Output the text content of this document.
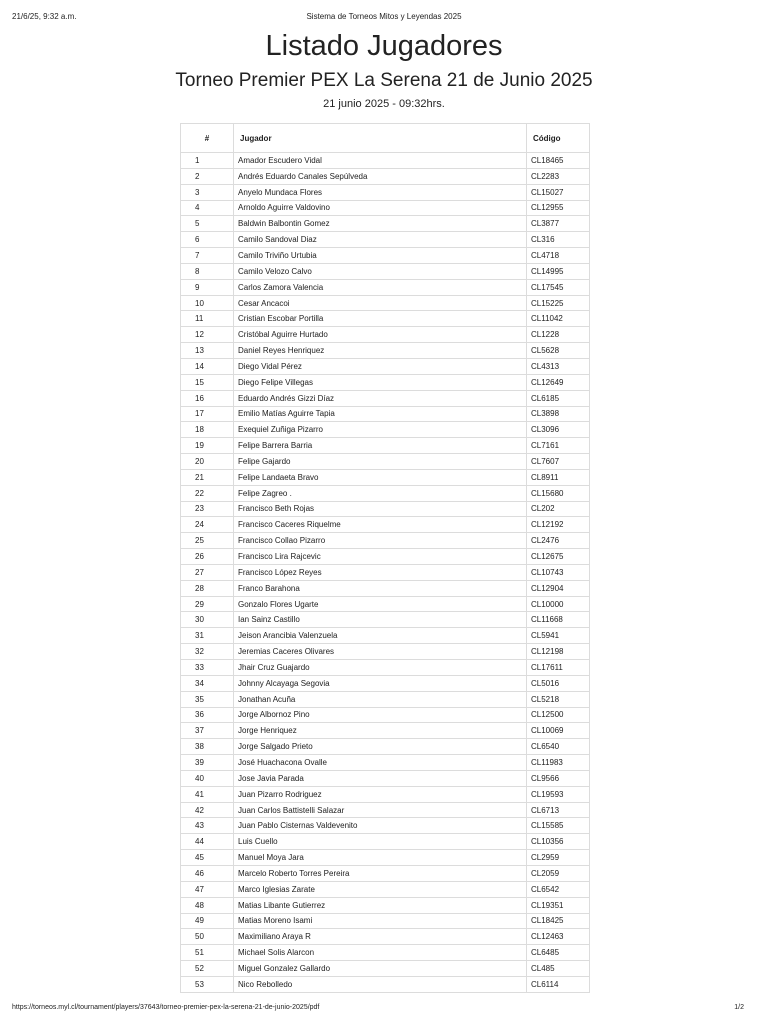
21/6/25, 9:32 a.m.	Sistema de Torneos Mitos y Leyendas 2025
Listado Jugadores
Torneo Premier PEX La Serena 21 de Junio 2025
21 junio 2025 - 09:32hrs.
#	Jugador	Código
1	Amador Escudero Vidal	CL18465
2	Andrés Eduardo Canales Sepúlveda	CL2283
3	Anyelo Mundaca Flores	CL15027
4	Arnoldo Aguirre Valdovino	CL12955
5	Baldwin Balbontin Gomez	CL3877
6	Camilo Sandoval Diaz	CL316
7	Camilo Triviño Urtubia	CL4718
8	Camilo Velozo Calvo	CL14995
9	Carlos Zamora Valencia	CL17545
10	Cesar Ancacoi	CL15225
11	Cristian Escobar Portilla	CL11042
12	Cristóbal Aguirre Hurtado	CL1228
13	Daniel Reyes Henriquez	CL5628
14	Diego Vidal Pérez	CL4313
15	Diego Felipe Villegas	CL12649
16	Eduardo Andrés Gizzi Díaz	CL6185
17	Emilio Matías Aguirre Tapia	CL3898
18	Exequiel Zuñiga Pizarro	CL3096
19	Felipe Barrera Barria	CL7161
20	Felipe Gajardo	CL7607
21	Felipe Landaeta Bravo	CL8911
22	Felipe Zagreo .	CL15680
23	Francisco Beth Rojas	CL202
24	Francisco Caceres Riquelme	CL12192
25	Francisco Collao Pizarro	CL2476
26	Francisco Lira Rajcevic	CL12675
27	Francisco López Reyes	CL10743
28	Franco Barahona	CL12904
29	Gonzalo Flores Ugarte	CL10000
30	Ian Sainz Castillo	CL11668
31	Jeison Arancibia Valenzuela	CL5941
32	Jeremias Caceres Olivares	CL12198
33	Jhair Cruz Guajardo	CL17611
34	Johnny Alcayaga Segovia	CL5016
35	Jonathan Acuña	CL5218
36	Jorge Albornoz Pino	CL12500
37	Jorge Henriquez	CL10069
38	Jorge Salgado Prieto	CL6540
39	José Huachacona Ovalle	CL11983
40	Jose Javia Parada	CL9566
41	Juan Pizarro Rodriguez	CL19593
42	Juan Carlos Battistelli Salazar	CL6713
43	Juan Pablo Cisternas Valdevenito	CL15585
44	Luis Cuello	CL10356
45	Manuel Moya Jara	CL2959
46	Marcelo Roberto Torres Pereira	CL2059
47	Marco Iglesias Zarate	CL6542
48	Matias Libante Gutierrez	CL19351
49	Matias Moreno Isami	CL18425
50	Maximiliano Araya R	CL12463
51	Michael Solis Alarcon	CL6485
52	Miguel Gonzalez Gallardo	CL485
53	Nico Rebolledo	CL6114
https://torneos.myl.cl/tournament/players/37643/torneo-premier-pex-la-serena-21-de-junio-2025/pdf	1/2
